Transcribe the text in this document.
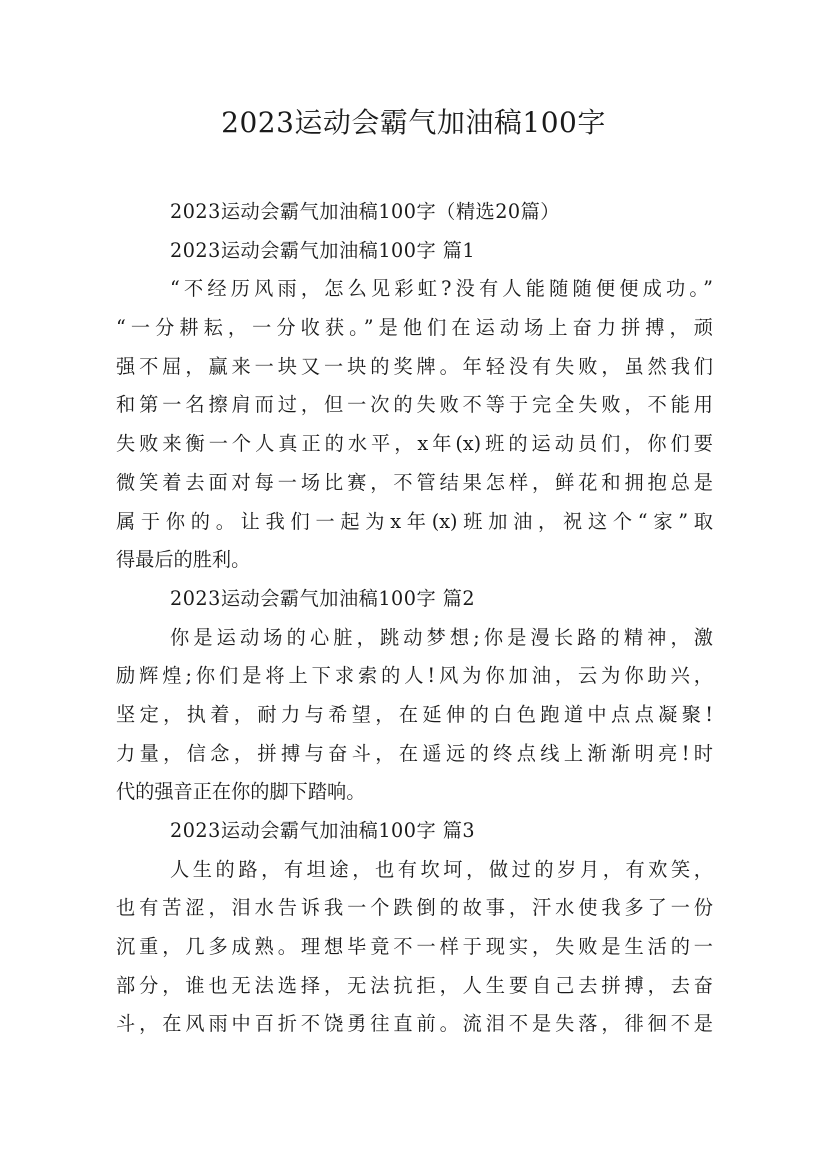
2023运动会霸气加油稿100字
2023运动会霸气加油稿100字（精选20篇）
2023运动会霸气加油稿100字 篇1
“不经历风雨，怎么见彩虹?没有人能随随便便成功。”
“一分耕耘，一分收获。”是他们在运动场上奋力拼搏，顽
强不屈，赢来一块又一块的奖牌。年轻没有失败，虽然我们
和第一名擦肩而过，但一次的失败不等于完全失败，不能用
失败来衡一个人真正的水平，x年(x)班的运动员们，你们要
微笑着去面对每一场比赛，不管结果怎样，鲜花和拥抱总是
属于你的。让我们一起为x年(x)班加油，祝这个“家”取
得最后的胜利。
2023运动会霸气加油稿100字 篇2
你是运动场的心脏，跳动梦想;你是漫长路的精神，激
励辉煌;你们是将上下求索的人!风为你加油，云为你助兴，
坚定，执着，耐力与希望，在延伸的白色跑道中点点凝聚!
力量，信念，拼搏与奋斗，在遥远的终点线上渐渐明亮!时
代的强音正在你的脚下踏响。
2023运动会霸气加油稿100字 篇3
人生的路，有坦途，也有坎坷，做过的岁月，有欢笑，
也有苦涩，泪水告诉我一个跌倒的故事，汗水使我多了一份
沉重，几多成熟。理想毕竟不一样于现实，失败是生活的一
部分，谁也无法选择，无法抗拒，人生要自己去拼搏，去奋
斗，在风雨中百折不饶勇往直前。流泪不是失落，徘徊不是
